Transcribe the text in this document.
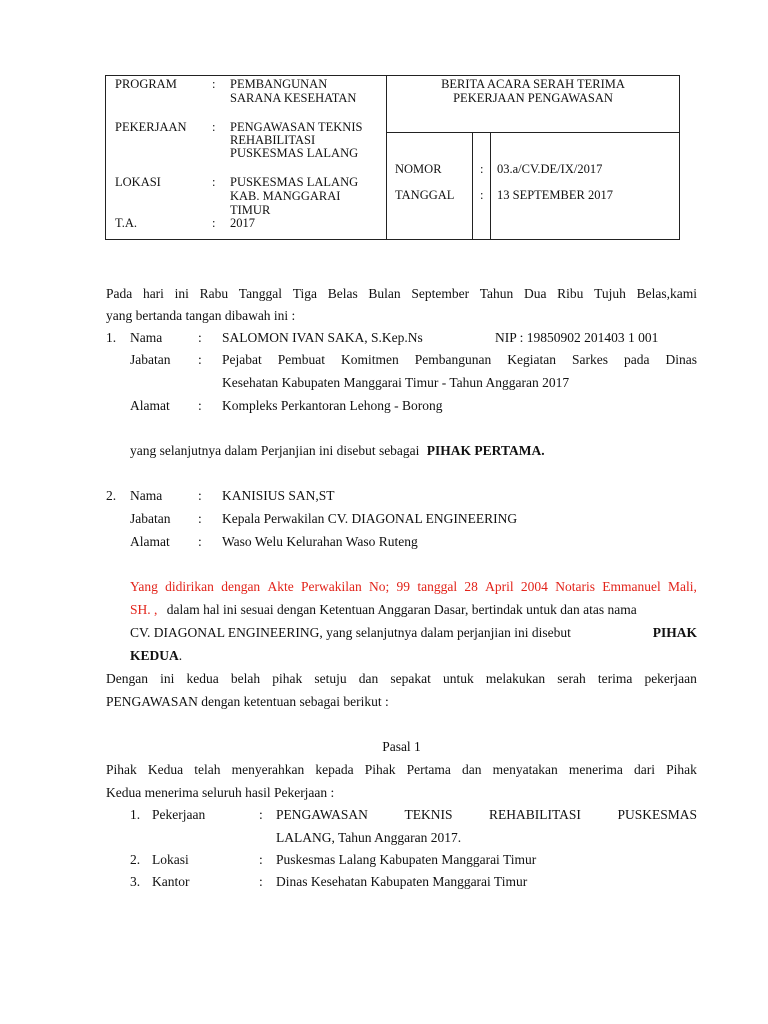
PROGRAM	: PEMBANGUNAN
SARANA KESEHATAN
PEKERJAAN : PENGAWASAN TEKNIS
REHABILITASI
PUSKESMAS LALANG
LOKASI	: PUSKESMAS LALANG
KAB. MANGGARAI
TIMUR
T.A.	: 2017
BERITA ACARA SERAH TERIMA
PEKERJAAN PENGAWASAN
NOMOR	: 03.a/CV.DE/IX/2017
TANGGAL : 13 SEPTEMBER 2017
Pada hari ini Rabu Tanggal Tiga Belas Bulan September Tahun Dua Ribu Tujuh Belas,kami
yang bertanda tangan dibawah ini :
1. Nama	: SALOMON IVAN SAKA, S.Kep.Ns	NIP : 19850902 201403 1 001
Jabatan : Pejabat Pembuat Komitmen Pembangunan Kegiatan Sarkes pada Dinas
Kesehatan Kabupaten Manggarai Timur - Tahun Anggaran 2017
Alamat : Kompleks Perkantoran Lehong - Borong
yang selanjutnya dalam Perjanjian ini disebut sebagai PIHAK PERTAMA.
2. Nama	: KANISIUS SAN,ST
Jabatan : Kepala Perwakilan CV. DIAGONAL ENGINEERING
Alamat : Waso Welu Kelurahan Waso Ruteng
Yang didirikan dengan Akte Perwakilan No; 99 tanggal 28 April 2004 Notaris Emmanuel Mali,
SH. , dalam hal ini sesuai dengan Ketentuan Anggaran Dasar, bertindak untuk dan atas nama
CV. DIAGONAL ENGINEERING, yang selanjutnya dalam perjanjian ini disebut	PIHAK
KEDUA.
Dengan ini kedua belah pihak setuju dan sepakat untuk melakukan serah terima pekerjaan
PENGAWASAN dengan ketentuan sebagai berikut :
Pasal 1
Pihak Kedua telah menyerahkan kepada Pihak Pertama dan menyatakan menerima dari Pihak
Kedua menerima seluruh hasil Pekerjaan :
1. Pekerjaan	: PENGAWASAN	TEKNIS	REHABILITASI	PUSKESMAS
LALANG, Tahun Anggaran 2017.
2. Lokasi	: Puskesmas Lalang Kabupaten Manggarai Timur
3. Kantor	: Dinas Kesehatan Kabupaten Manggarai Timur
